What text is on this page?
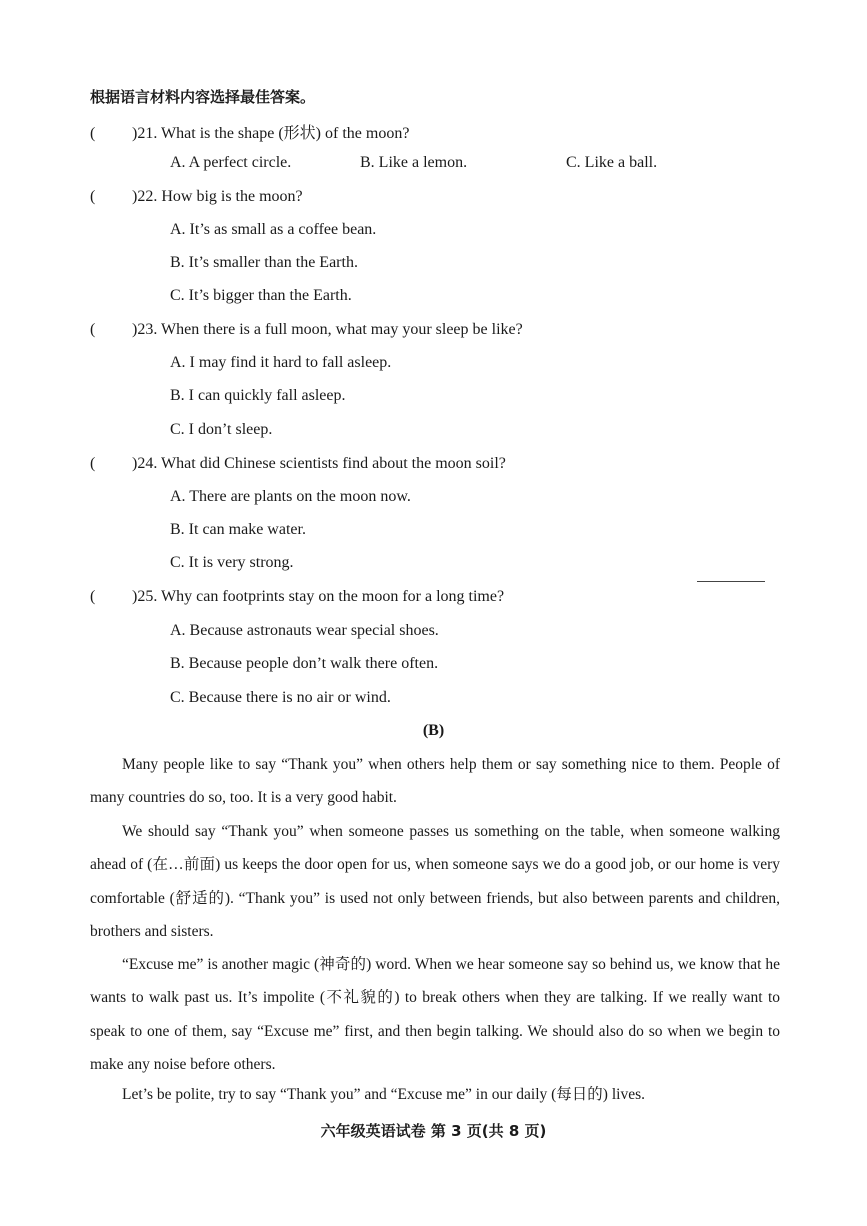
根据语言材料内容选择最佳答案。
( )21. What is the shape (形状) of the moon?
A. A perfect circle.	B. Like a lemon.	C. Like a ball.
( )22. How big is the moon?
A. It’s as small as a coffee bean.
B. It’s smaller than the Earth.
C. It’s bigger than the Earth.
( )23. When there is a full moon, what may your sleep be like?
A. I may find it hard to fall asleep.
B. I can quickly fall asleep.
C. I don’t sleep.
( )24. What did Chinese scientists find about the moon soil?
A. There are plants on the moon now.
B. It can make water.
C. It is very strong.
( )25. Why can footprints stay on the moon for a long time?
A. Because astronauts wear special shoes.
B. Because people don’t walk there often.
C. Because there is no air or wind.
(B)

Many people like to say “Thank you” when others help them or say something nice to them. People of many countries do so, too. It is a very good habit.

We should say “Thank you” when someone passes us something on the table, when someone walking ahead of (在…前面) us keeps the door open for us, when someone says we do a good job, or our home is very comfortable (舒适的). “Thank you” is used not only between friends, but also between parents and children, brothers and sisters.

“Excuse me” is another magic (神奇的) word. When we hear someone say so behind us, we know that he wants to walk past us. It’s impolite (不礼貌的) to break others when they are talking. If we really want to speak to one of them, say “Excuse me” first, and then begin talking. We should also do so when we begin to make any noise before others.

Let’s be polite, try to say “Thank you” and “Excuse me” in our daily (每日的) lives.

六年级英语试卷 第 3 页(共 8 页)
